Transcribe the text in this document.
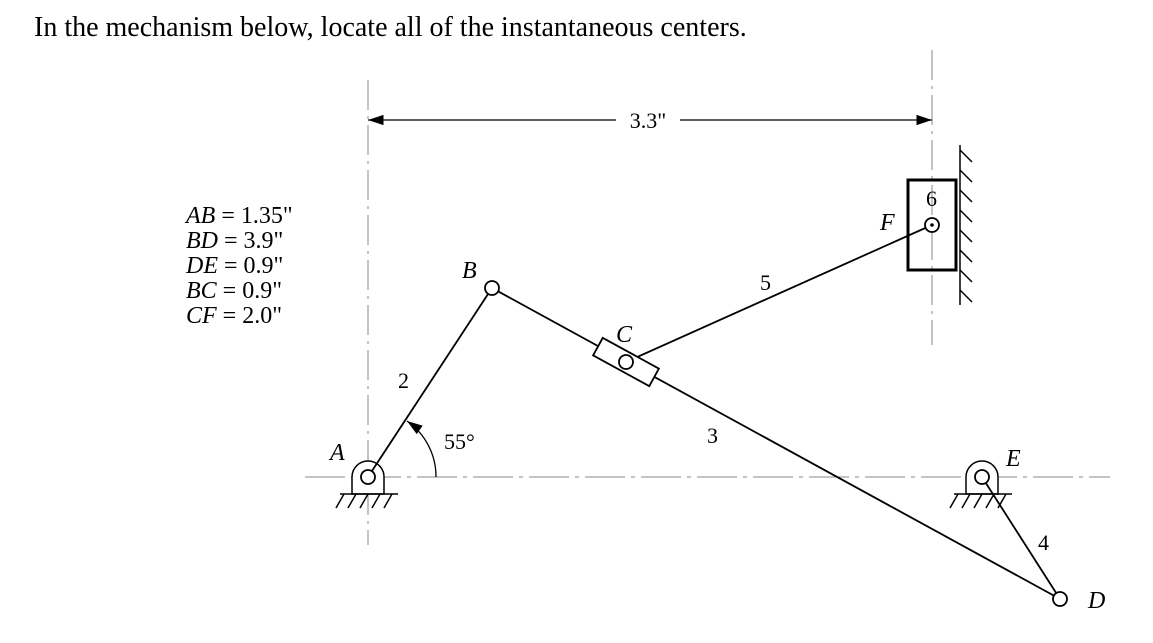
In the mechanism below, locate all of the instantaneous centers.
AB = 1.35"
BD = 3.9"
DE = 0.9"
BC = 0.9"
CF = 2.0"
3.3"
A
B
C
D
E
F
2
3
4
5
6
55°
